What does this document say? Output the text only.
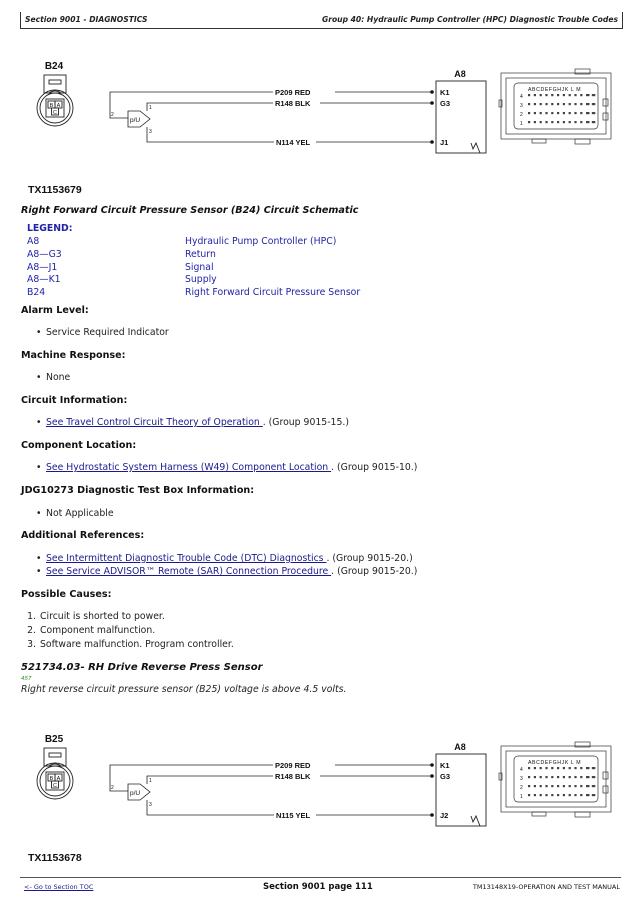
Section 9001 - DIAGNOSTICS	Group 40: Hydraulic Pump Controller (HPC) Diagnostic Trouble Codes
B24
B A
C
p/U
2
1
3
P209 RED
R148 BLK
N114 YEL
A8
K1
G3
J1
ABCDEFGHJK L M
4
3
2
1
TX1153679
Right Forward Circuit Pressure Sensor (B24) Circuit Schematic
LEGEND:
A8	Hydraulic Pump Controller (HPC)
A8—G3	Return
A8—J1	Signal
A8—K1	Supply
B24	Right Forward Circuit Pressure Sensor
Alarm Level:
• Service Required Indicator
Machine Response:
• None
Circuit Information:
• See Travel Control Circuit Theory of Operation . (Group 9015-15.)
Component Location:
• See Hydrostatic System Harness (W49) Component Location . (Group 9015-10.)
JDG10273 Diagnostic Test Box Information:
• Not Applicable
Additional References:
• See Intermittent Diagnostic Trouble Code (DTC) Diagnostics . (Group 9015-20.)
• See Service ADVISOR™ Remote (SAR) Connection Procedure . (Group 9015-20.)
Possible Causes:
1. Circuit is shorted to power.
2. Component malfunction.
3. Software malfunction. Program controller.
521734.03- RH Drive Reverse Press Sensor
457
Right reverse circuit pressure sensor (B25) voltage is above 4.5 volts.
B25
B A
C
p/U
2
1
3
P209 RED
R148 BLK
N115 YEL
A8
K1
G3
J2
ABCDEFGHJK L M
4
3
2
1
TX1153678
<- Go to Section TOC	Section 9001 page 111	TM13148X19-OPERATION AND TEST MANUAL
